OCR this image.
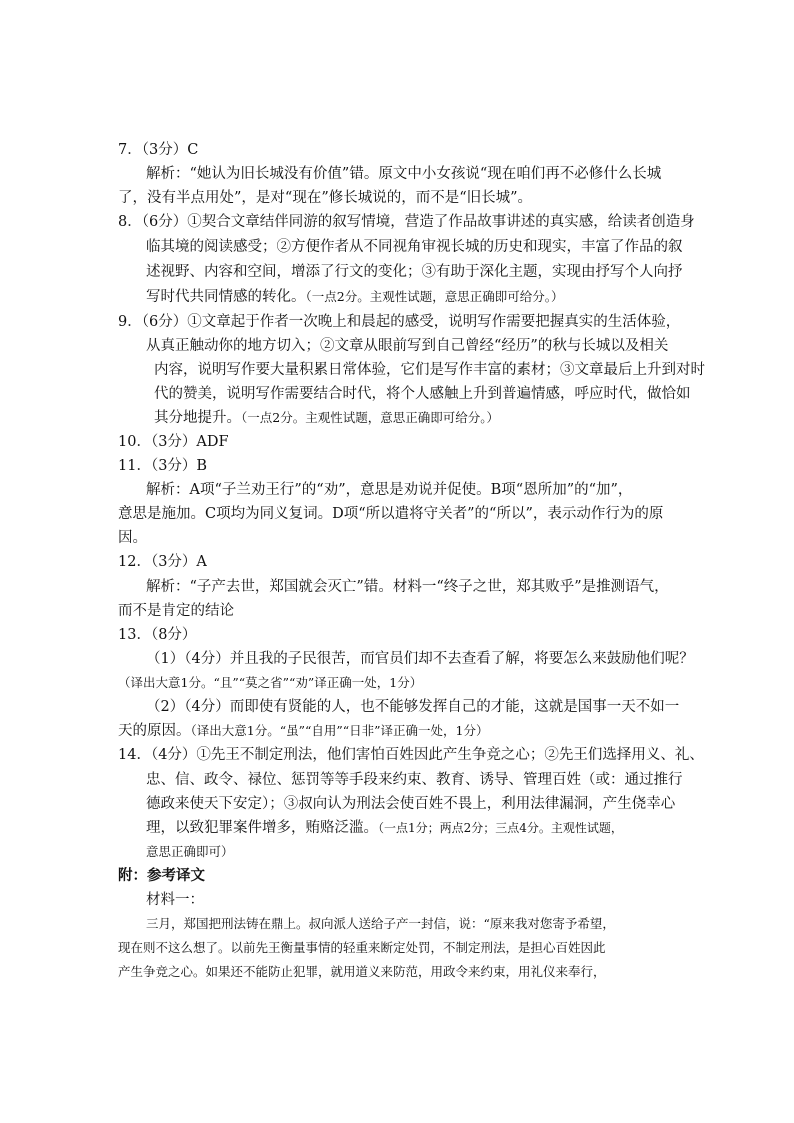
7．（3分）C
解析：“她认为旧长城没有价值”错。原文中小女孩说“现在咱们再不必修什么长城
了，没有半点用处”，是对“现在”修长城说的，而不是“旧长城”。
8．（6分）①契合文章结伴同游的叙写情境，营造了作品故事讲述的真实感，给读者创造身
临其境的阅读感受；②方便作者从不同视角审视长城的历史和现实，丰富了作品的叙
述视野、内容和空间，增添了行文的变化；③有助于深化主题，实现由抒写个人向抒
写时代共同情感的转化。（一点2分。主观性试题，意思正确即可给分。）
9．（6分）①文章起于作者一次晚上和晨起的感受，说明写作需要把握真实的生活体验，
从真正触动你的地方切入；②文章从眼前写到自己曾经“经历”的秋与长城以及相关
内容，说明写作要大量积累日常体验，它们是写作丰富的素材；③文章最后上升到对时
代的赞美，说明写作需要结合时代，将个人感触上升到普遍情感，呼应时代，做恰如
其分地提升。（一点2分。主观性试题，意思正确即可给分。）
10．（3分）ADF
11．（3分）B
解析：A项“子兰劝王行”的“劝”，意思是劝说并促使。B项“恩所加”的“加”，
意思是施加。C项均为同义复词。D项“所以遣将守关者”的“所以”，表示动作行为的原
因。
12．（3分）A
解析：“子产去世，郑国就会灭亡”错。材料一“终子之世，郑其败乎”是推测语气，
而不是肯定的结论
13．（8分）
（1）（4分）并且我的子民很苦，而官员们却不去查看了解，将要怎么来鼓励他们呢？
（译出大意1分。“且”“莫之省”“劝”译正确一处，1分）
（2）（4分）而即使有贤能的人，也不能够发挥自己的才能，这就是国事一天不如一
天的原因。（译出大意1分。“虽”“自用”“日非”译正确一处，1分）
14．（4分）①先王不制定刑法，他们害怕百姓因此产生争竞之心；②先王们选择用义、礼、
忠、信、政令、禄位、惩罚等等手段来约束、教育、诱导、管理百姓（或：通过推行
德政来使天下安定）；③叔向认为刑法会使百姓不畏上，利用法律漏洞，产生侥幸心
理，以致犯罪案件增多，贿赂泛滥。（一点1分；两点2分；三点4分。主观性试题，
意思正确即可）
附：参考译文
材料一：
三月，郑国把刑法铸在鼎上。叔向派人送给子产一封信，说：“原来我对您寄予希望，
现在则不这么想了。以前先王衡量事情的轻重来断定处罚，不制定刑法，是担心百姓因此
产生争竞之心。如果还不能防止犯罪，就用道义来防范，用政令来约束，用礼仪来奉行，
